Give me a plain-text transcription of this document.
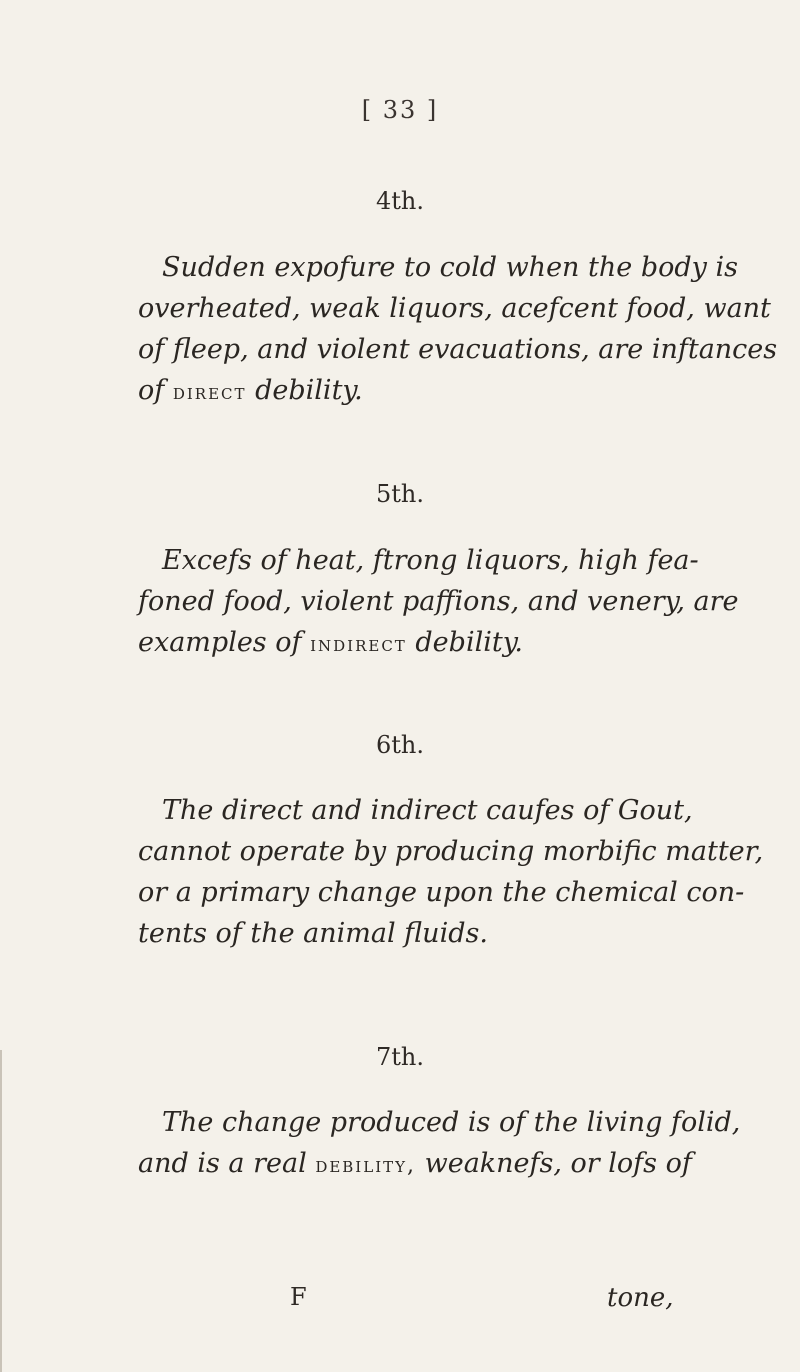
[ 33 ]
4th.

Sudden expofure to cold when the body is

overheated, weak liquors, acefcent food, want

of fleep, and violent evacuations, are inftances

of direct debility.

5th.

Excefs of heat, ftrong liquors, high fea-

foned food, violent paffions, and venery, are

examples of indirect debility.

6th.

The direct and indirect caufes of Gout,

cannot operate by producing morbific matter,

or a primary change upon the chemical con-

tents of the animal fluids.

7th.

The change produced is of the living folid,

and is a real debility, weaknefs, or lofs of

F	tone,
